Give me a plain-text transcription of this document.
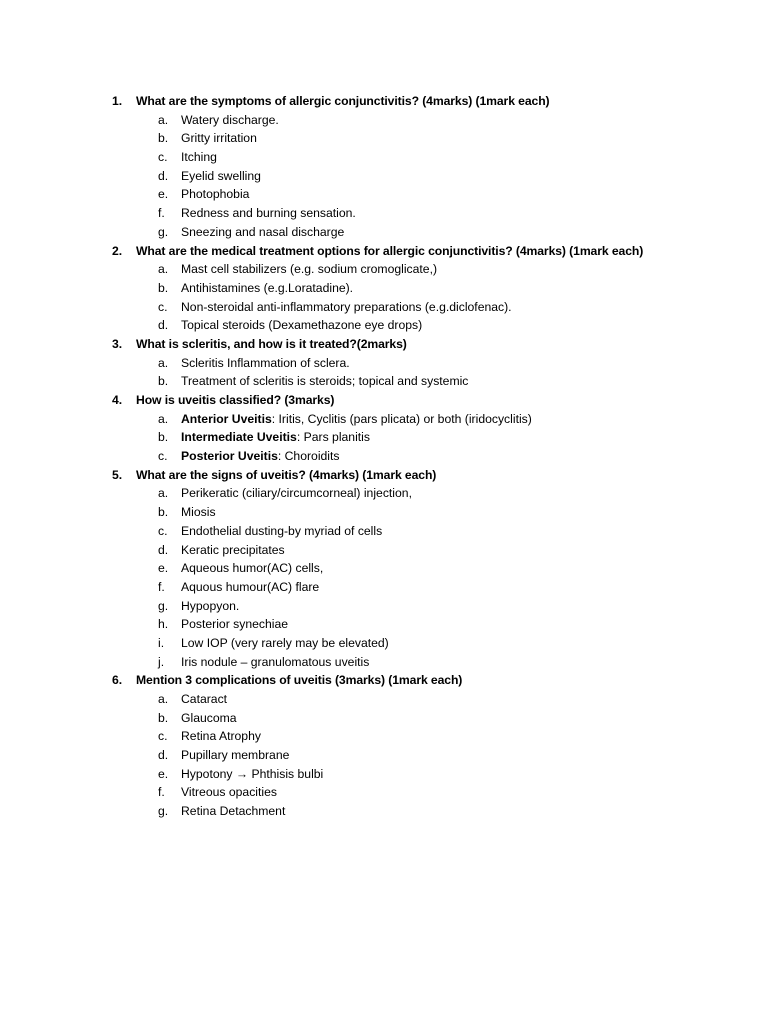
1. What are the symptoms of allergic conjunctivitis? (4marks) (1mark each)
a. Watery discharge.
b. Gritty irritation
c. Itching
d. Eyelid swelling
e. Photophobia
f. Redness and burning sensation.
g. Sneezing and nasal discharge
2. What are the medical treatment options for allergic conjunctivitis? (4marks) (1mark each)
a. Mast cell stabilizers (e.g. sodium cromoglicate,)
b. Antihistamines (e.g.Loratadine).
c. Non-steroidal anti-inflammatory preparations (e.g.diclofenac).
d. Topical steroids (Dexamethazone eye drops)
3. What is scleritis, and how is it treated?(2marks)
a. Scleritis Inflammation of sclera.
b. Treatment of scleritis is steroids; topical and systemic
4. How is uveitis classified? (3marks)
a. Anterior Uveitis: Iritis, Cyclitis (pars plicata) or both (iridocyclitis)
b. Intermediate Uveitis: Pars planitis
c. Posterior Uveitis: Choroidits
5. What are the signs of uveitis? (4marks) (1mark each)
a. Perikeratic (ciliary/circumcorneal) injection,
b. Miosis
c. Endothelial dusting-by myriad of cells
d. Keratic precipitates
e. Aqueous humor(AC) cells,
f. Aquous humour(AC) flare
g. Hypopyon.
h. Posterior synechiae
i. Low IOP (very rarely may be elevated)
j. Iris nodule – granulomatous uveitis
6. Mention 3 complications of uveitis (3marks) (1mark each)
a. Cataract
b. Glaucoma
c. Retina Atrophy
d. Pupillary membrane
e. Hypotony → Phthisis bulbi
f. Vitreous opacities
g. Retina Detachment
